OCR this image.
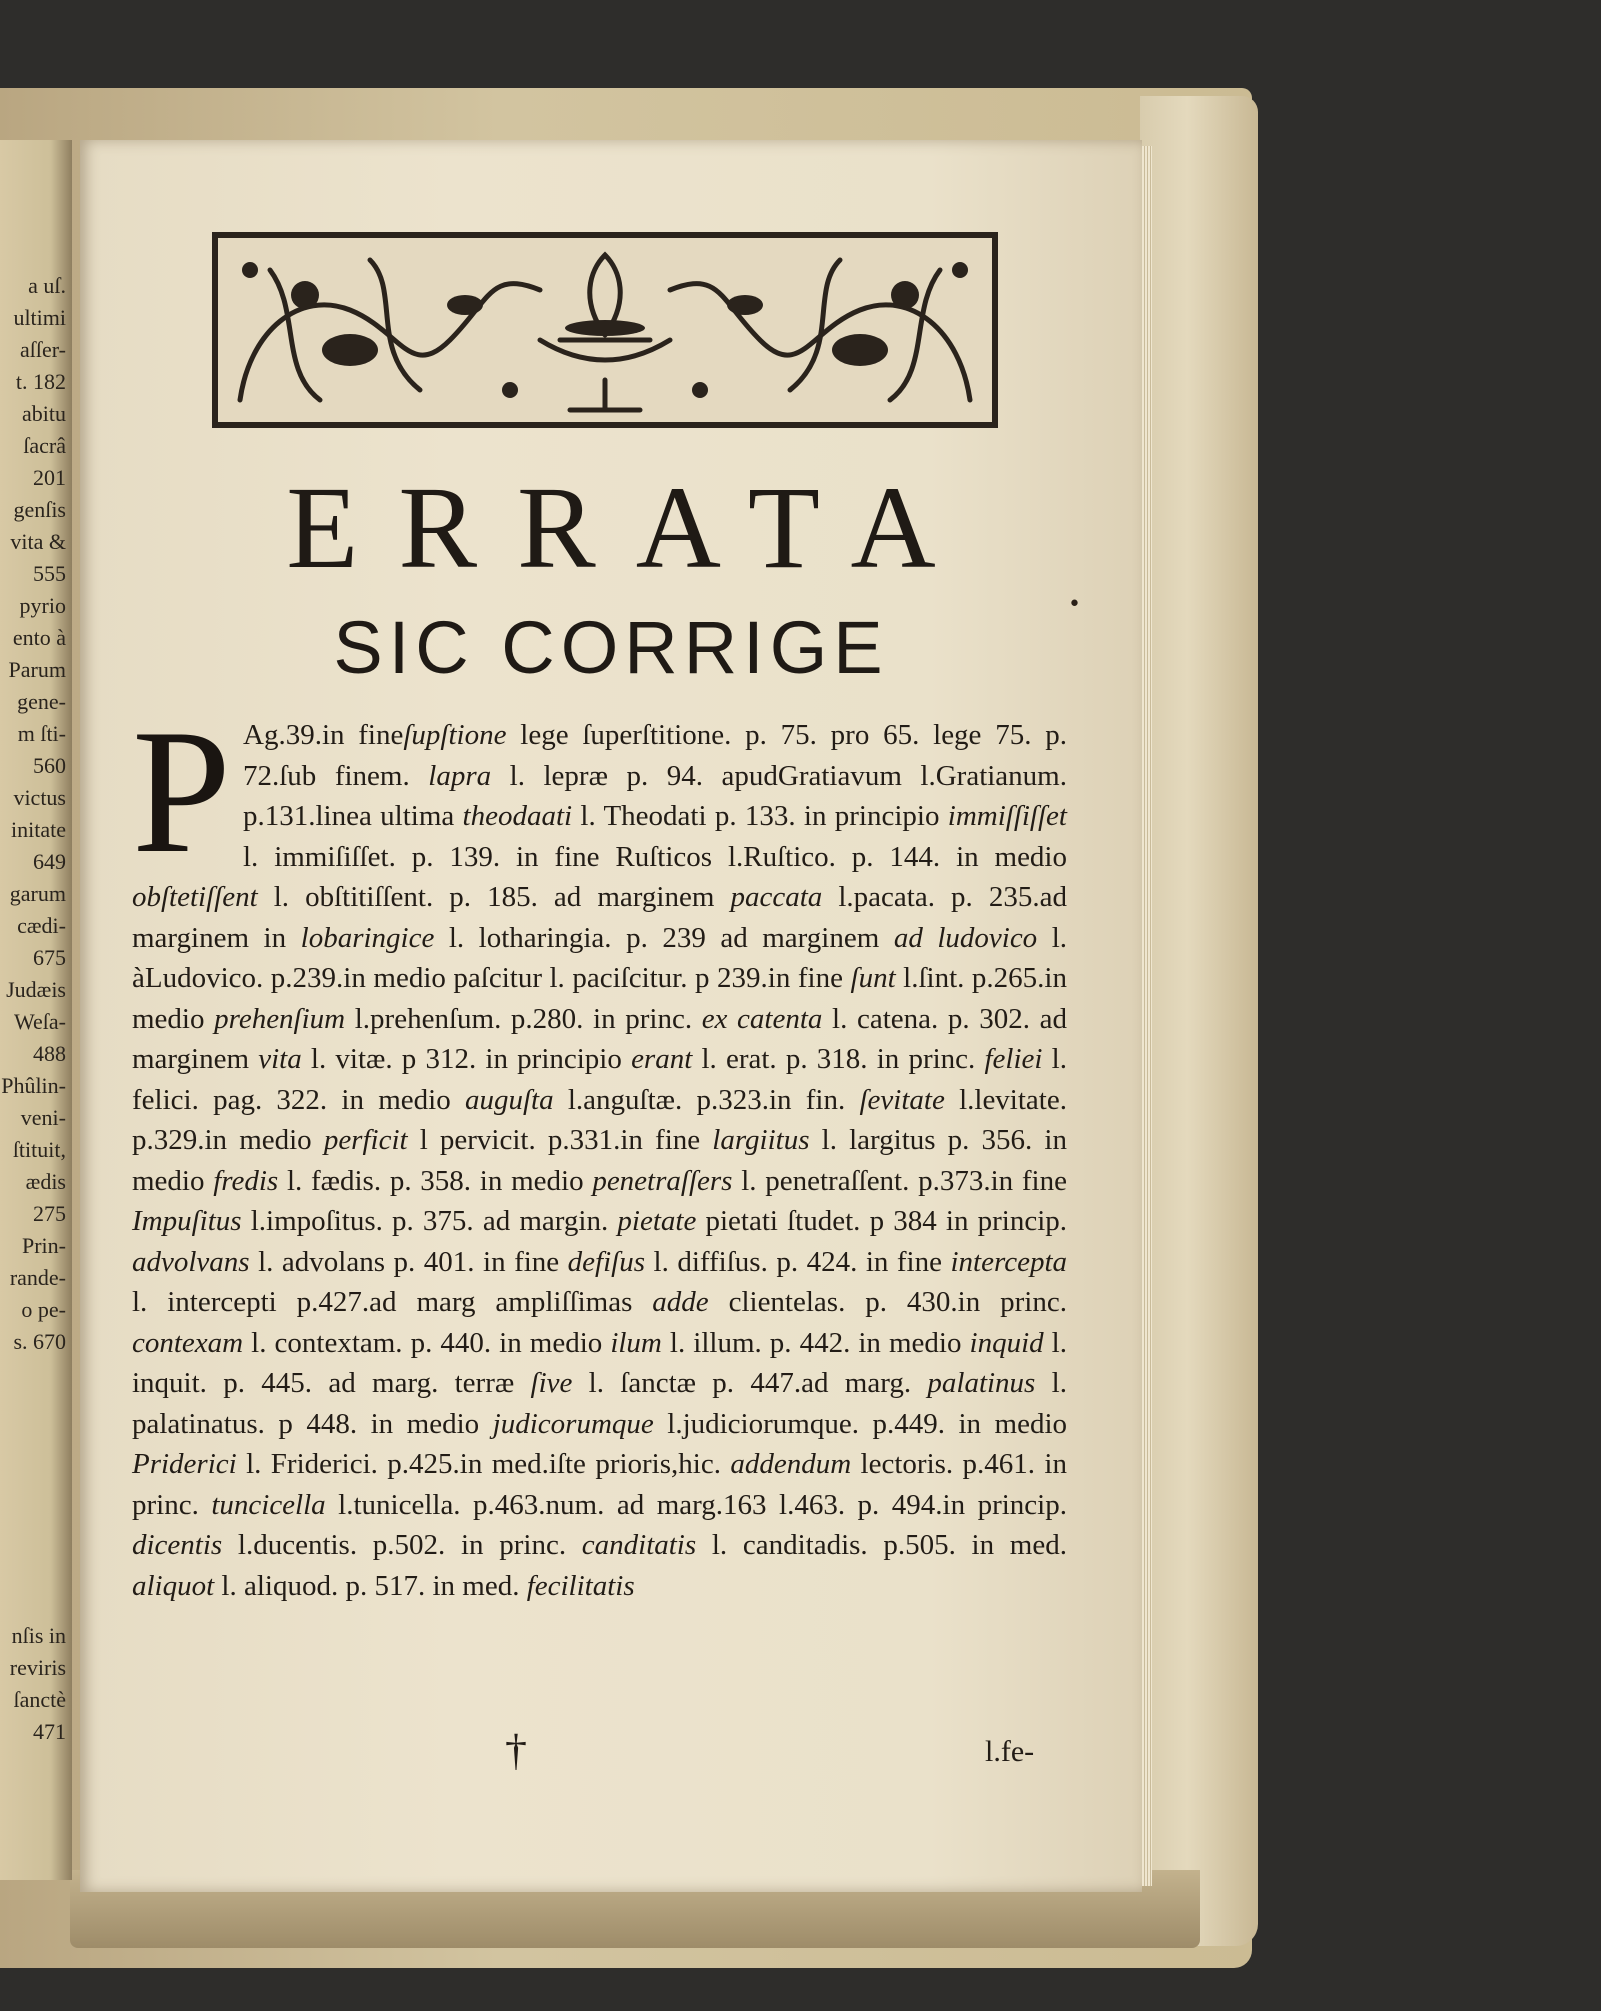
a uſ.
ultimi
aſſer-
t. 182
abitu
ſacrâ
201
genſis
vita &
555
pyrio
ento à
Parum
gene-
m ſti-
560
victus
initate
649
garum
cædi-
675
Judæis
Weſa-
488
Phûlin-
veni-
ſtituit,
ædis
275
Prin-
rande-
o pe-
s. 670
nſis in
reviris
ſanctè
471
ERRATA
SIC CORRIGE
•
P Ag.39.in fineſupſtione lege ſuperſtitione. p. 75. pro 65. lege 75. p. 72.ſub finem. lapra l. lepræ p. 94. apudGratiavum l.Gratianum. p.131.linea ultima theodaati l. Theodati p. 133. in principio immiſſiſſet l. immiſiſſet. p. 139. in fine Ruſticos l.Ruſtico. p. 144. in medio obſtetiſſent l. obſtitiſſent. p. 185. ad marginem paccata l.pacata. p. 235.ad marginem in lobaringice l. lotharingia. p. 239 ad marginem ad ludovico l. àLudovico. p.239.in medio paſcitur l. paciſcitur. p 239.in fine ſunt l.ſint. p.265.in medio prehenſium l.prehenſum. p.280. in princ. ex catenta l. catena. p. 302. ad marginem vita l. vitæ. p 312. in principio erant l. erat. p. 318. in princ. feliei l. felici. pag. 322. in medio auguſta l.anguſtæ. p.323.in fin. ſevitate l.levitate. p.329.in medio perficit l pervicit. p.331.in fine largiitus l. largitus p. 356. in medio fredis l. fædis. p. 358. in medio penetraſſers l. penetraſſent. p.373.in fine Impuſitus l.impoſitus. p. 375. ad margin. pietate pietati ſtudet. p 384 in princip. advolvans l. advolans p. 401. in fine defiſus l. diffiſus. p. 424. in fine intercepta l. intercepti p.427.ad marg ampliſſimas adde clientelas. p. 430.in princ. contexam l. contextam. p. 440. in medio ilum l. illum. p. 442. in medio inquid l. inquit. p. 445. ad marg. terræ ſive l. ſanctæ p. 447.ad marg. palatinus l. palatinatus. p 448. in medio judicorumque l.judiciorumque. p.449. in medio Priderici l. Friderici. p.425.in med.iſte prioris,hic. addendum lectoris. p.461. in princ. tuncicella l.tunicella. p.463.num. ad marg.163 l.463. p. 494.in princip. dicentis l.ducentis. p.502. in princ. canditatis l. canditadis. p.505. in med. aliquot l. aliquod. p. 517. in med. fecilitatis
†	l.fe-
